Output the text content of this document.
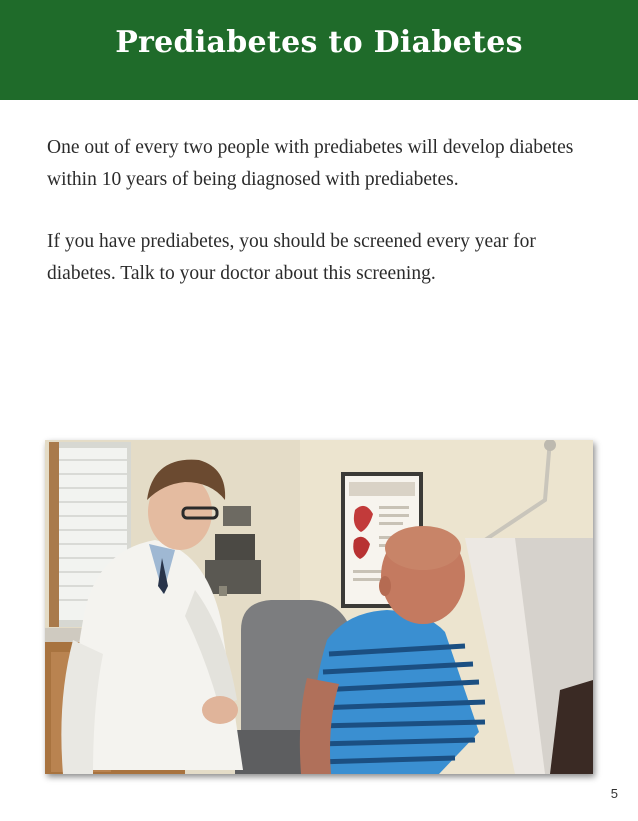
Prediabetes to Diabetes

One out of every two people with prediabetes will develop diabetes within 10 years of being diagnosed with prediabetes.

If you have prediabetes, you should be screened every year for diabetes. Talk to your doctor about this screening.

5
